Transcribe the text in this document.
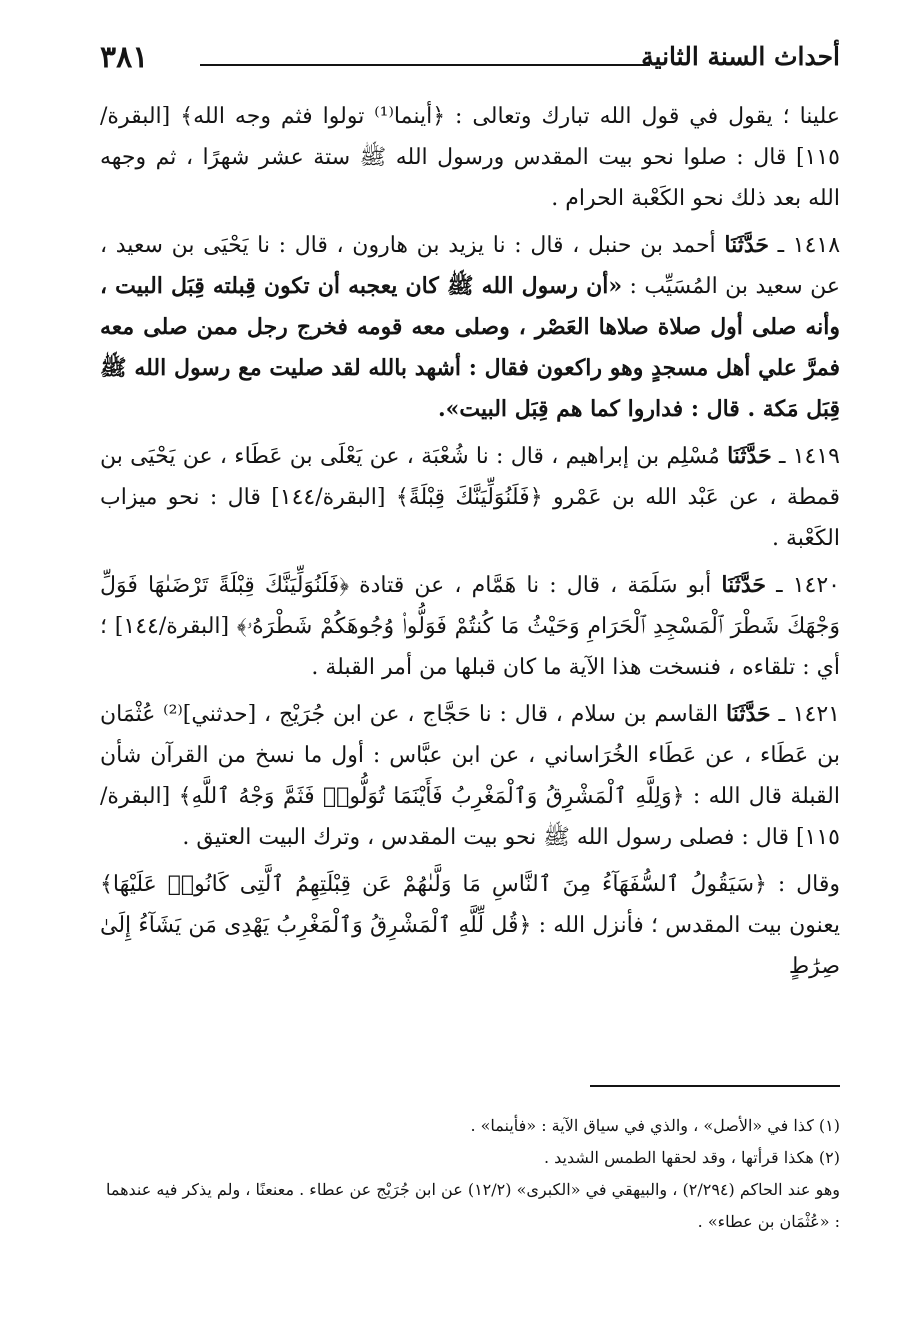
٣٨١	أحداث السنة الثانية

علينا ؛ يقول في قول الله تبارك وتعالى : ﴿أينما⁽¹⁾ تولوا فثم وجه الله﴾ [البقرة/١١٥] قال : صلوا نحو بيت المقدس ورسول الله ﷺ ستة عشر شهرًا ، ثم وجهه الله بعد ذلك نحو الكَعْبة الحرام .

١٤١٨ ـ حَدَّثَنَا أحمد بن حنبل ، قال : نا يزيد بن هارون ، قال : نا يَحْيَى بن سعيد ، عن سعيد بن المُسَيِّب : «أن رسول الله ﷺ كان يعجبه أن تكون قِبلته قِبَل البيت ، وأنه صلى أول صلاة صلاها العَصْر ، وصلى معه قومه فخرج رجل ممن صلى معه فمرَّ علي أهل مسجدٍ وهو راكعون فقال : أشهد بالله لقد صليت مع رسول الله ﷺ قِبَل مَكة . قال : فداروا كما هم قِبَل البيت».

١٤١٩ ـ حَدَّثَنَا مُسْلِم بن إبراهيم ، قال : نا شُعْبَة ، عن يَعْلَى بن عَطَاء ، عن يَحْيَى بن قمطة ، عن عَبْد الله بن عَمْرو ﴿فَلَنُوَلِّيَنَّكَ قِبْلَةً﴾ [البقرة/١٤٤] قال : نحو ميزاب الكَعْبة .

١٤٢٠ ـ حَدَّثَنَا أبو سَلَمَة ، قال : نا هَمَّام ، عن قتادة ﴿فَلَنُوَلِّيَنَّكَ قِبْلَةً تَرْضَىٰهَا فَوَلِّ وَجْهَكَ شَطْرَ ٱلْمَسْجِدِ ٱلْحَرَامِ وَحَيْثُ مَا كُنتُمْ فَوَلُّوا۟ وُجُوهَكُمْ شَطْرَهُۥ﴾ [البقرة/١٤٤] ؛ أي : تلقاءه ، فنسخت هذا الآية ما كان قبلها من أمر القبلة .

١٤٢١ ـ حَدَّثَنَا القاسم بن سلام ، قال : نا حَجَّاج ، عن ابن جُرَيْج ، [حدثني]⁽²⁾ عُثْمَان بن عَطَاء ، عن عَطَاء الخُرَاساني ، عن ابن عبَّاس : أول ما نسخ من القرآن شأن القبلة قال الله : ﴿وَلِلَّهِ ٱلْمَشْرِقُ وَٱلْمَغْرِبُ فَأَيْنَمَا تُوَلُّوا۟ فَثَمَّ وَجْهُ ٱللَّهِ﴾ [البقرة/١١٥] قال : فصلى رسول الله ﷺ نحو بيت المقدس ، وترك البيت العتيق .

وقال : ﴿سَيَقُولُ ٱلسُّفَهَآءُ مِنَ ٱلنَّاسِ مَا وَلَّىٰهُمْ عَن قِبْلَتِهِمُ ٱلَّتِى كَانُوا۟ عَلَيْهَا﴾ يعنون بيت المقدس ؛ فأنزل الله : ﴿قُل لِّلَّهِ ٱلْمَشْرِقُ وَٱلْمَغْرِبُ يَهْدِى مَن يَشَآءُ إِلَىٰ صِرَٰطٍ

(١) كذا في «الأصل» ، والذي في سياق الآية : «فأينما» .

(٢) هكذا قرأتها ، وقد لحقها الطمس الشديد .

وهو عند الحاكم (٢/٢٩٤) ، والبيهقي في «الكبرى» (١٢/٢) عن ابن جُرَيْج عن عطاء . معنعنًا ، ولم يذكر فيه عندهما : «عُثْمَان بن عطاء» .
